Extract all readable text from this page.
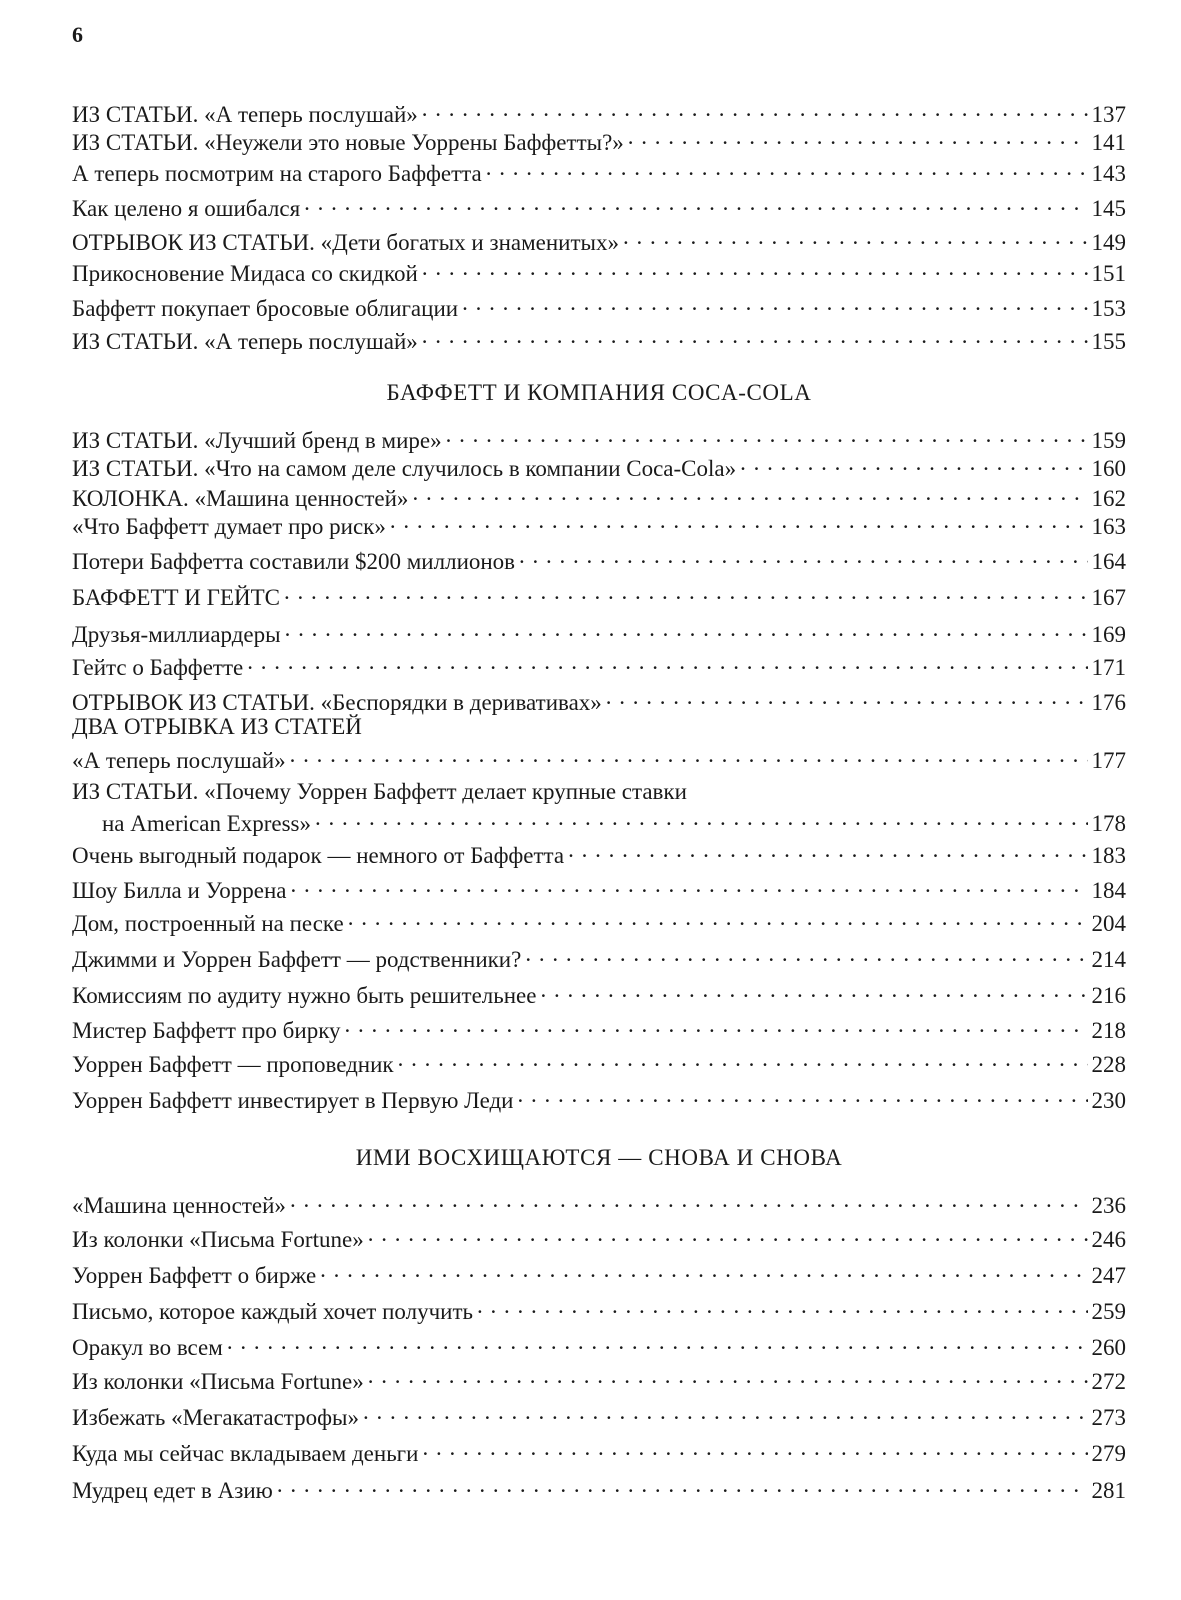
6
ИЗ СТАТЬИ. «А теперь послушай» . . .	137
ИЗ СТАТЬИ. «Неужели это новые Уоррены Баффетты?» . . .	141
А теперь посмотрим на старого Баффетта . . .	143
Как целено я ошибался . . .	145
ОТРЫВОК ИЗ СТАТЬИ. «Дети богатых и знаменитых» . . .	149
Прикосновение Мидаса со скидкой . . .	151
Баффетт покупает бросовые облигации . . .	153
ИЗ СТАТЬИ. «А теперь послушай» . . .	155
БАФФЕТТ И КОМПАНИЯ COCA-COLA
ИЗ СТАТЬИ. «Лучший бренд в мире» . . .	159
ИЗ СТАТЬИ. «Что на самом деле случилось в компании Coca-Cola» . . .	160
КОЛОНКА. «Машина ценностей» . . .	162
«Что Баффетт думает про риск» . . .	163
Потери Баффетта составили $200 миллионов . . .	164
БАФФЕТТ И ГЕЙТС . . .	167
Друзья-миллиардеры . . .	169
Гейтс о Баффетте . . .	171
ОТРЫВОК ИЗ СТАТЬИ. «Беспорядки в деривативах» . . .	176
ДВА ОТРЫВКА ИЗ СТАТЕЙ
«А теперь послушай» . . .	177
ИЗ СТАТЬИ. «Почему Уоррен Баффетт делает крупные ставки
на American Express» . . .	178
Очень выгодный подарок — немного от Баффетта . . .	183
Шоу Билла и Уоррена . . .	184
Дом, построенный на песке . . .	204
Джимми и Уоррен Баффетт — родственники? . . .	214
Комиссиям по аудиту нужно быть решительнее . . .	216
Мистер Баффетт про бирку . . .	218
Уоррен Баффетт — проповедник . . .	228
Уоррен Баффетт инвестирует в Первую Леди . . .	230
ИМИ ВОСХИЩАЮТСЯ — СНОВА И СНОВА
«Машина ценностей» . . .	236
Из колонки «Письма Fortune» . . .	246
Уоррен Баффетт о бирже . . .	247
Письмо, которое каждый хочет получить . . .	259
Оракул во всем . . .	260
Из колонки «Письма Fortune» . . .	272
Избежать «Мегакатастрофы» . . .	273
Куда мы сейчас вкладываем деньги . . .	279
Мудрец едет в Азию . . .	281
